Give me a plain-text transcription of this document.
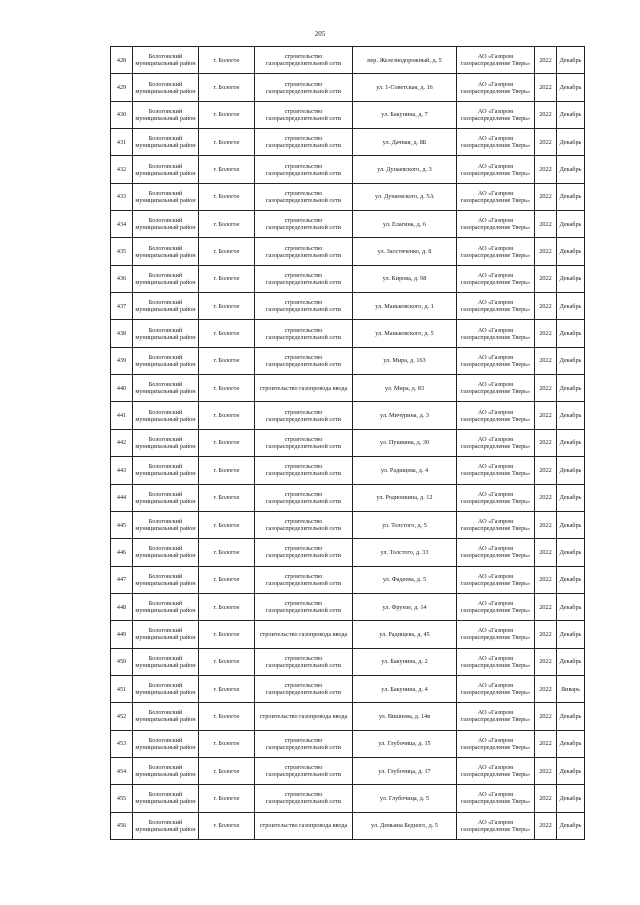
205
428	Бологовский муниципальный район	г. Бологое	строительство газораспределительной сети	пер. Железнодорожный, д. 5	АО «Газпром газораспределение Тверь»	2022	Декабрь
429	Бологовский муниципальный район	г. Бологое	строительство газораспределительной сети	ул. 1-Советская, д. 16	АО «Газпром газораспределение Тверь»	2022	Декабрь
430	Бологовский муниципальный район	г. Бологое	строительство газораспределительной сети	ул. Бакунина, д. 7	АО «Газпром газораспределение Тверь»	2022	Декабрь
431	Бологовский муниципальный район	г. Бологое	строительство газораспределительной сети	ул. Дачная, д. 8Б	АО «Газпром газораспределение Тверь»	2022	Декабрь
432	Бологовский муниципальный район	г. Бологое	строительство газораспределительной сети	ул. Дунаевского, д. 3	АО «Газпром газораспределение Тверь»	2022	Декабрь
433	Бологовский муниципальный район	г. Бологое	строительство газораспределительной сети	ул. Дунаевского, д. 5А	АО «Газпром газораспределение Тверь»	2022	Декабрь
434	Бологовский муниципальный район	г. Бологое	строительство газораспределительной сети	ул. Елагина, д. 6	АО «Газпром газораспределение Тверь»	2022	Декабрь
435	Бологовский муниципальный район	г. Бологое	строительство газораспределительной сети	ул. Заостяченко, д. 8	АО «Газпром газораспределение Тверь»	2022	Декабрь
436	Бологовский муниципальный район	г. Бологое	строительство газораспределительной сети	ул. Кирова, д. 98	АО «Газпром газораспределение Тверь»	2022	Декабрь
437	Бологовский муниципальный район	г. Бологое	строительство газораспределительной сети	ул. Маньковского, д. 1	АО «Газпром газораспределение Тверь»	2022	Декабрь
438	Бологовский муниципальный район	г. Бологое	строительство газораспределительной сети	ул. Маньковского, д. 5	АО «Газпром газораспределение Тверь»	2022	Декабрь
439	Бологовский муниципальный район	г. Бологое	строительство газораспределительной сети	ул. Мира, д. 163	АО «Газпром газораспределение Тверь»	2022	Декабрь
440	Бологовский муниципальный район	г. Бологое	строительство газопровода ввода	ул. Мира, д. 83	АО «Газпром газораспределение Тверь»	2022	Декабрь
441	Бологовский муниципальный район	г. Бологое	строительство газораспределительной сети	ул. Мичурина, д. 3	АО «Газпром газораспределение Тверь»	2022	Декабрь
442	Бологовский муниципальный район	г. Бологое	строительство газораспределительной сети	ул. Пушкина, д. 30	АО «Газпром газораспределение Тверь»	2022	Декабрь
443	Бологовский муниципальный район	г. Бологое	строительство газораспределительной сети	ул. Радищева, д. 4	АО «Газпром газораспределение Тверь»	2022	Декабрь
444	Бологовский муниципальный район	г. Бологое	строительство газораспределительной сети	ул. Родионкина, д. 12	АО «Газпром газораспределение Тверь»	2022	Декабрь
445	Бологовский муниципальный район	г. Бологое	строительство газораспределительной сети	ул. Толстого, д. 5	АО «Газпром газораспределение Тверь»	2022	Декабрь
446	Бологовский муниципальный район	г. Бологое	строительство газораспределительной сети	ул. Толстого, д. 33	АО «Газпром газораспределение Тверь»	2022	Декабрь
447	Бологовский муниципальный район	г. Бологое	строительство газораспределительной сети	ул. Фадеева, д. 5	АО «Газпром газораспределение Тверь»	2022	Декабрь
448	Бологовский муниципальный район	г. Бологое	строительство газораспределительной сети	ул. Фрунзе, д. 14	АО «Газпром газораспределение Тверь»	2022	Декабрь
449	Бологовский муниципальный район	г. Бологое	строительство газопровода ввода	ул. Радищева, д. 45	АО «Газпром газораспределение Тверь»	2022	Декабрь
450	Бологовский муниципальный район	г. Бологое	строительство газораспределительной сети	ул. Бакунина, д. 2	АО «Газпром газораспределение Тверь»	2022	Декабрь
451	Бологовский муниципальный район	г. Бологое	строительство газораспределительной сети	ул. Бакунина, д. 4	АО «Газпром газораспределение Тверь»	2022	Январь
452	Бологовский муниципальный район	г. Бологое	строительство газопровода ввода	ул. Вишнева, д. 14в	АО «Газпром газораспределение Тверь»	2022	Декабрь
453	Бологовский муниципальный район	г. Бологое	строительство газораспределительной сети	ул. Глубочица, д. 15	АО «Газпром газораспределение Тверь»	2022	Декабрь
454	Бологовский муниципальный район	г. Бологое	строительство газораспределительной сети	ул. Глубочица, д. 17	АО «Газпром газораспределение Тверь»	2022	Декабрь
455	Бологовский муниципальный район	г. Бологое	строительство газораспределительной сети	ул. Глубочица, д. 5	АО «Газпром газораспределение Тверь»	2022	Декабрь
456	Бологовский муниципальный район	г. Бологое	строительство газопровода ввода	ул. Демьяна Бедного, д. 5	АО «Газпром газораспределение Тверь»	2022	Декабрь
